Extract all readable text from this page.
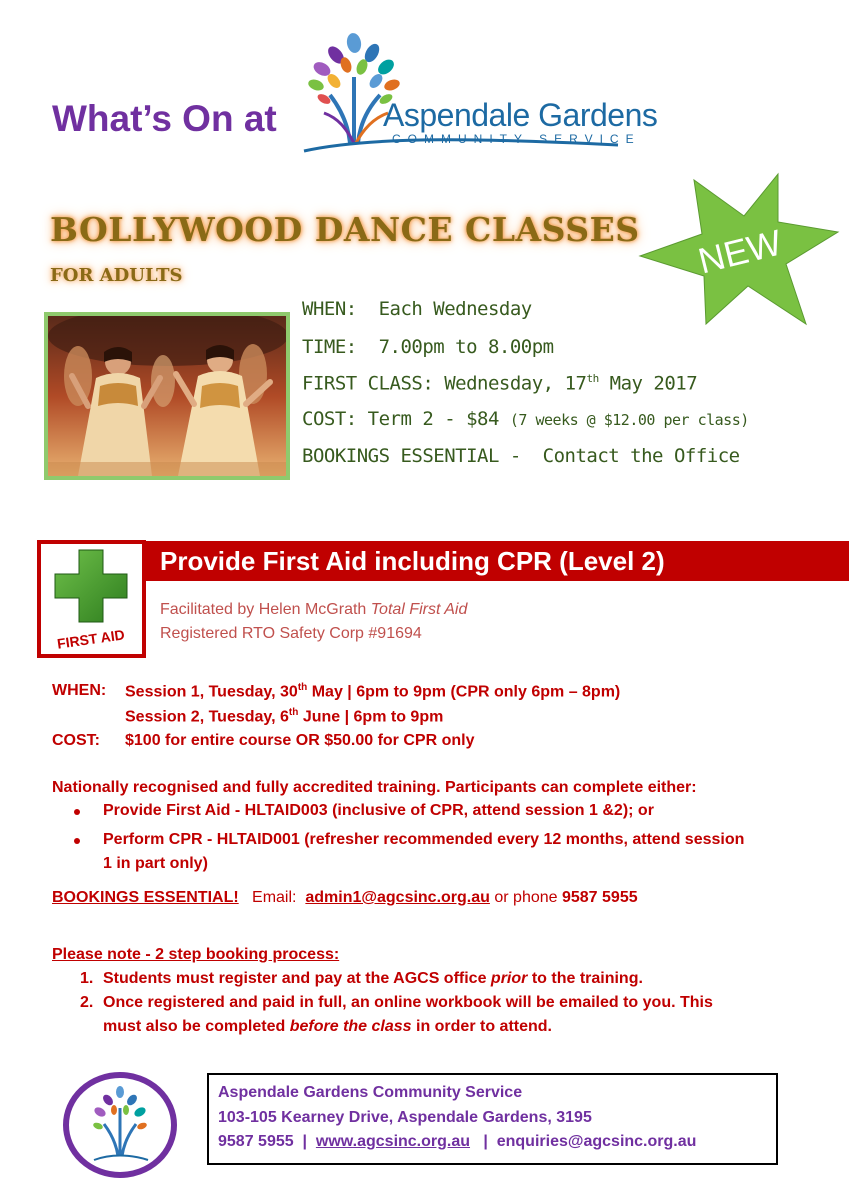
What’s On at	Aspendale Gardens
COMMUNITY SERVICE
BOLLYWOOD DANCE CLASSES
FOR ADULTS	NEW
WHEN: Each Wednesday
TIME: 7.00pm to 8.00pm
FIRST CLASS: Wednesday, 17th May 2017
COST: Term 2 - $84 (7 weeks @ $12.00 per class)
BOOKINGS ESSENTIAL - Contact the Office
FIRST AID
Provide First Aid including CPR (Level 2)
Facilitated by Helen McGrath Total First Aid
Registered RTO Safety Corp #91694
WHEN: Session 1, Tuesday, 30th May | 6pm to 9pm (CPR only 6pm – 8pm)
Session 2, Tuesday, 6th June | 6pm to 9pm
COST: $100 for entire course OR $50.00 for CPR only
Nationally recognised and fully accredited training. Participants can complete either:
Provide First Aid - HLTAID003 (inclusive of CPR, attend session 1 &2); or
Perform CPR - HLTAID001 (refresher recommended every 12 months, attend session
1 in part only)
BOOKINGS ESSENTIAL! Email: admin1@agcsinc.org.au or phone 9587 5955
Please note - 2 step booking process:
1. Students must register and pay at the AGCS office prior to the training.
2. Once registered and paid in full, an online workbook will be emailed to you. This
must also be completed before the class in order to attend.
Aspendale Gardens Community Service
103-105 Kearney Drive, Aspendale Gardens, 3195
9587 5955 | www.agcsinc.org.au | enquiries@agcsinc.org.au
